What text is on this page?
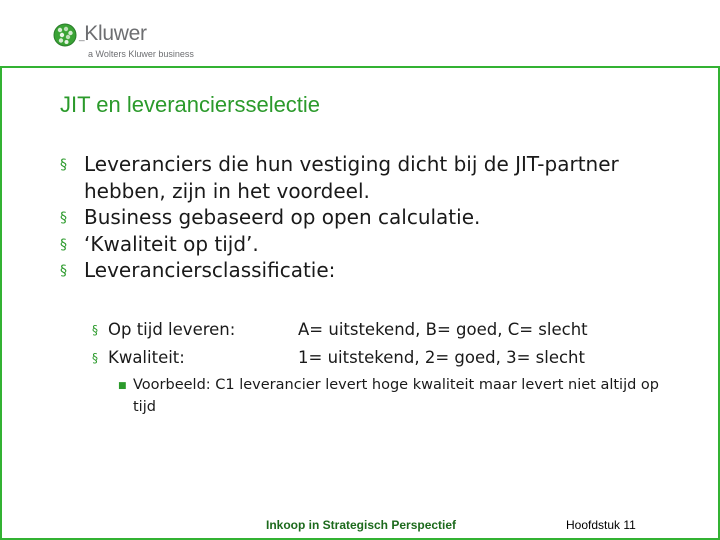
_Kluwer
a Wolters Kluwer business
JIT en leveranciersselectie
§ Leveranciers die hun vestiging dicht bij de JIT-partner hebben, zijn in het voordeel.
§ Business gebaseerd op open calculatie.
§ ‘Kwaliteit op tijd’.
§ Leveranciersclassificatie:
§ Op tijd leveren:	A= uitstekend, B= goed, C= slecht
§ Kwaliteit:	1= uitstekend, 2= goed, 3= slecht
■ Voorbeeld: C1 leverancier levert hoge kwaliteit maar levert niet altijd op tijd
Inkoop in Strategisch Perspectief	Hoofdstuk 11
